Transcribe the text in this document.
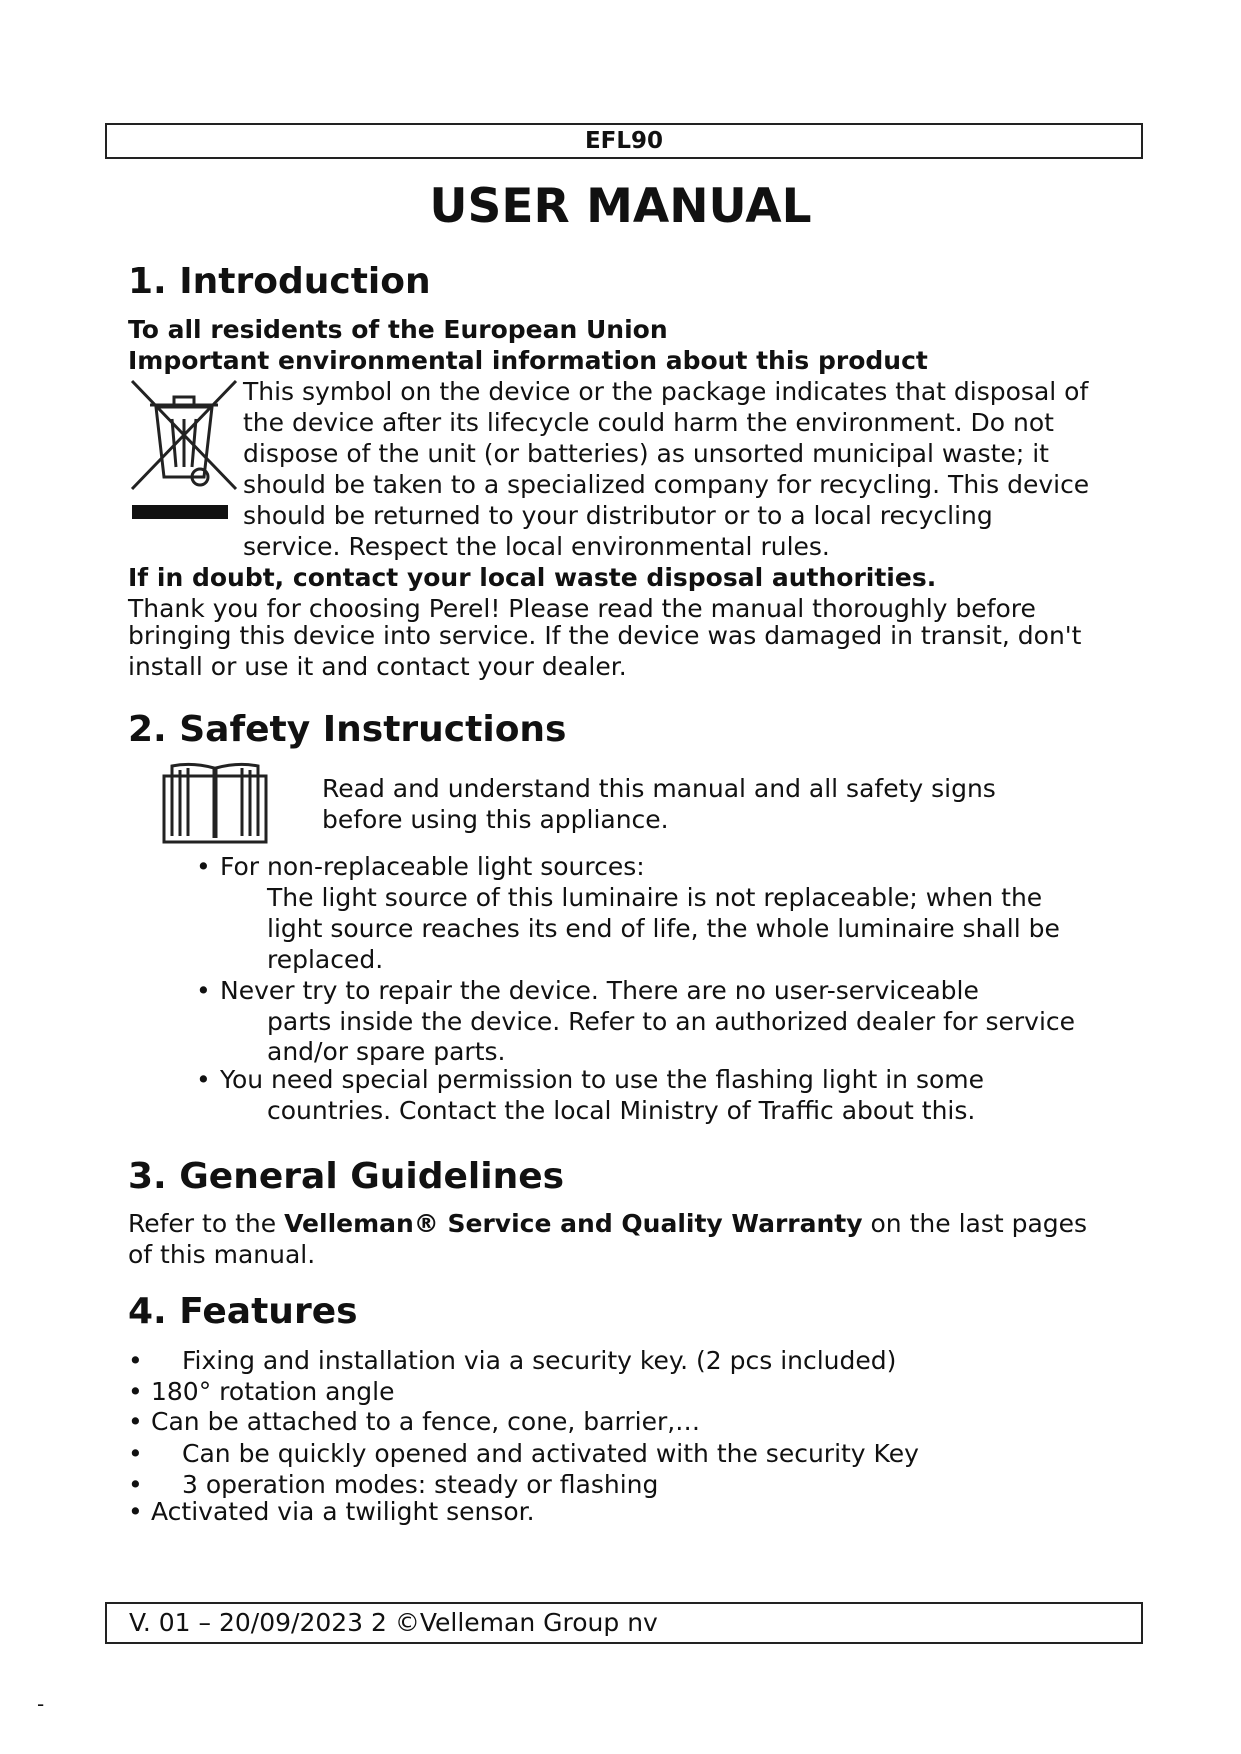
EFL90
USER MANUAL
1. Introduction

To all residents of the European Union

Important environmental information about this product

This symbol on the device or the package indicates that disposal of

the device after its lifecycle could harm the environment. Do not

dispose of the unit (or batteries) as unsorted municipal waste; it

should be taken to a specialized company for recycling. This device

should be returned to your distributor or to a local recycling

service. Respect the local environmental rules.

If in doubt, contact your local waste disposal authorities.

Thank you for choosing Perel! Please read the manual thoroughly before

bringing this device into service. If the device was damaged in transit, don't

install or use it and contact your dealer.

2. Safety Instructions

Read and understand this manual and all safety signs

before using this appliance.

• For non-replaceable light sources:

The light source of this luminaire is not replaceable; when the

light source reaches its end of life, the whole luminaire shall be

replaced.

• Never try to repair the device. There are no user-serviceable

parts inside the device. Refer to an authorized dealer for service

and/or spare parts.

• You need special permission to use the flashing light in some

countries. Contact the local Ministry of Traffic about this.

3. General Guidelines

Refer to the Velleman® Service and Quality Warranty on the last pages

of this manual.

4. Features
• Fixing and installation via a security key. (2 pcs included)

• 180° rotation angle

• Can be attached to a fence, cone, barrier,…

• Can be quickly opened and activated with the security Key

• 3 operation modes: steady or flashing

• Activated via a twilight sensor.

V. 01 – 20/09/2023 2 ©Velleman Group nv
-
